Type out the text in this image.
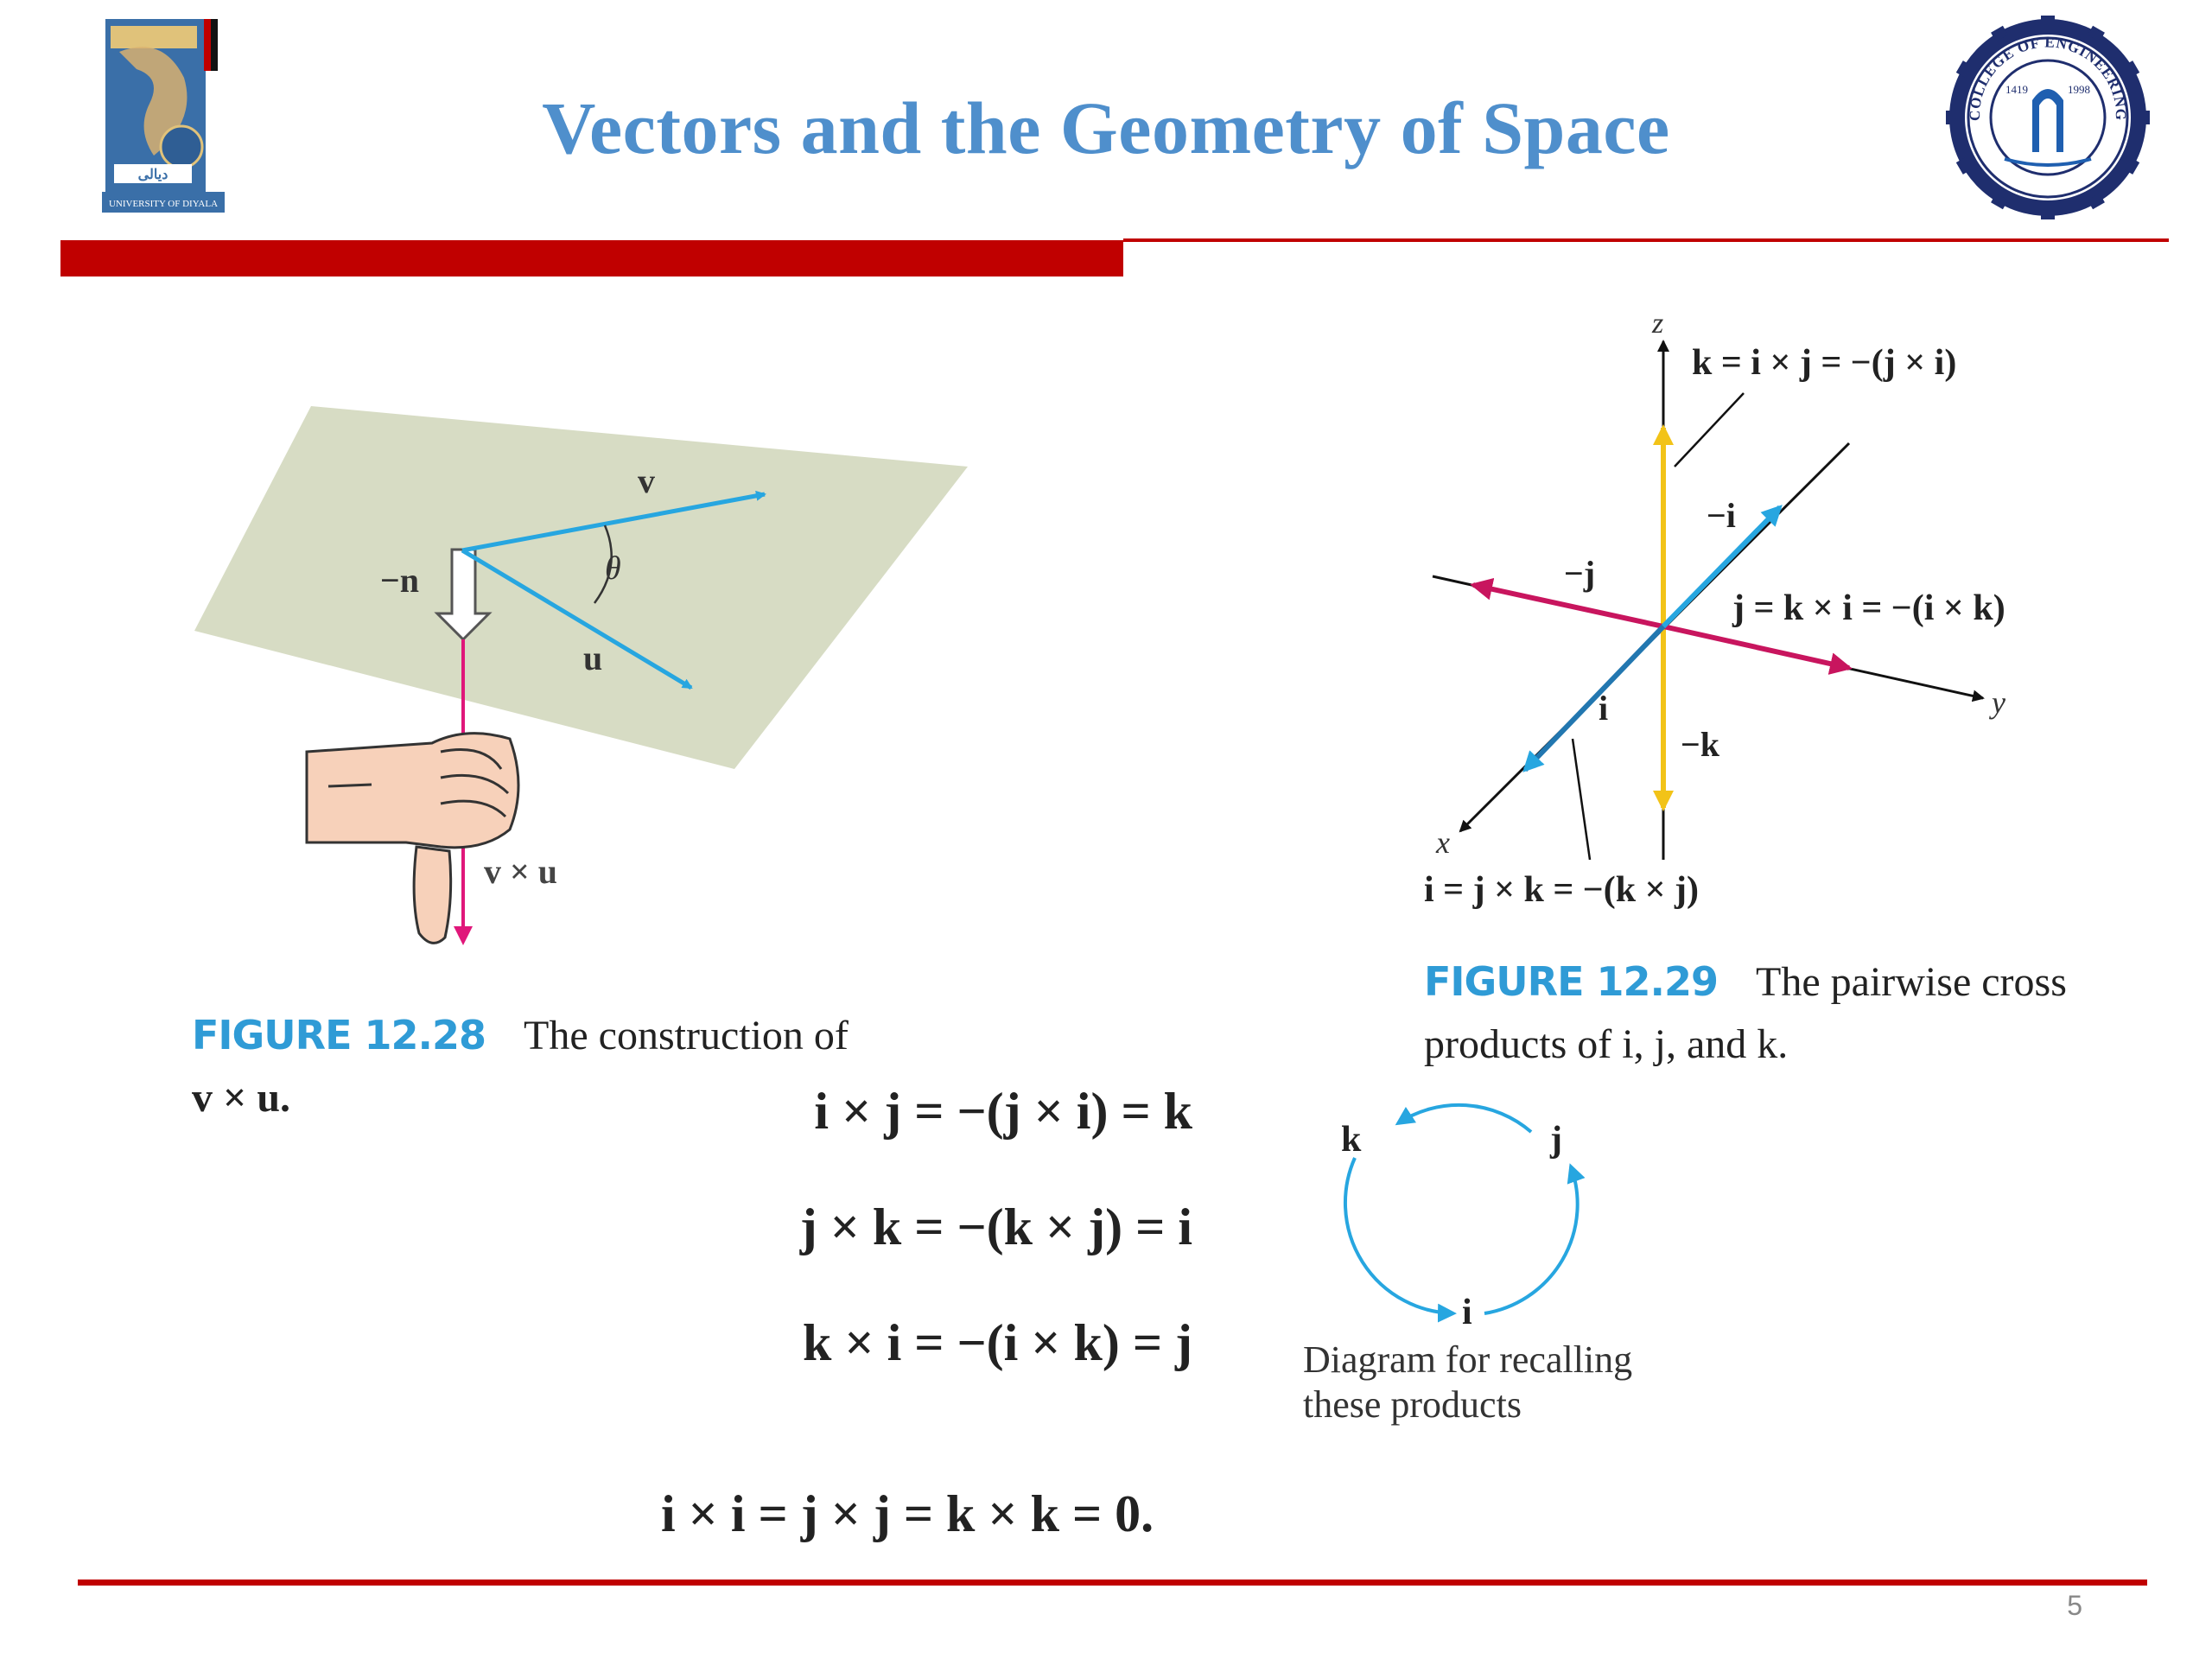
ديالى
UNIVERSITY OF DIYALA
Vectors and the Geometry of Space	COLLEGE OF ENGINEERING
1419	1998
v
θ
−n
u
v × u
FIGURE 12.28 The construction of
v × u.
z
y
x
k = i × j = −(j × i)
j = k × i = −(i × k)
−i
−j
i
−k
i = j × k = −(k × j)
FIGURE 12.29 The pairwise cross
products of i, j, and k.
i × j = −(j × i) = k
j × k = −(k × j) = i
k × i = −(i × k) = j
i × i = j × j = k × k = 0.
k	j
i
Diagram for recalling
these products
5
